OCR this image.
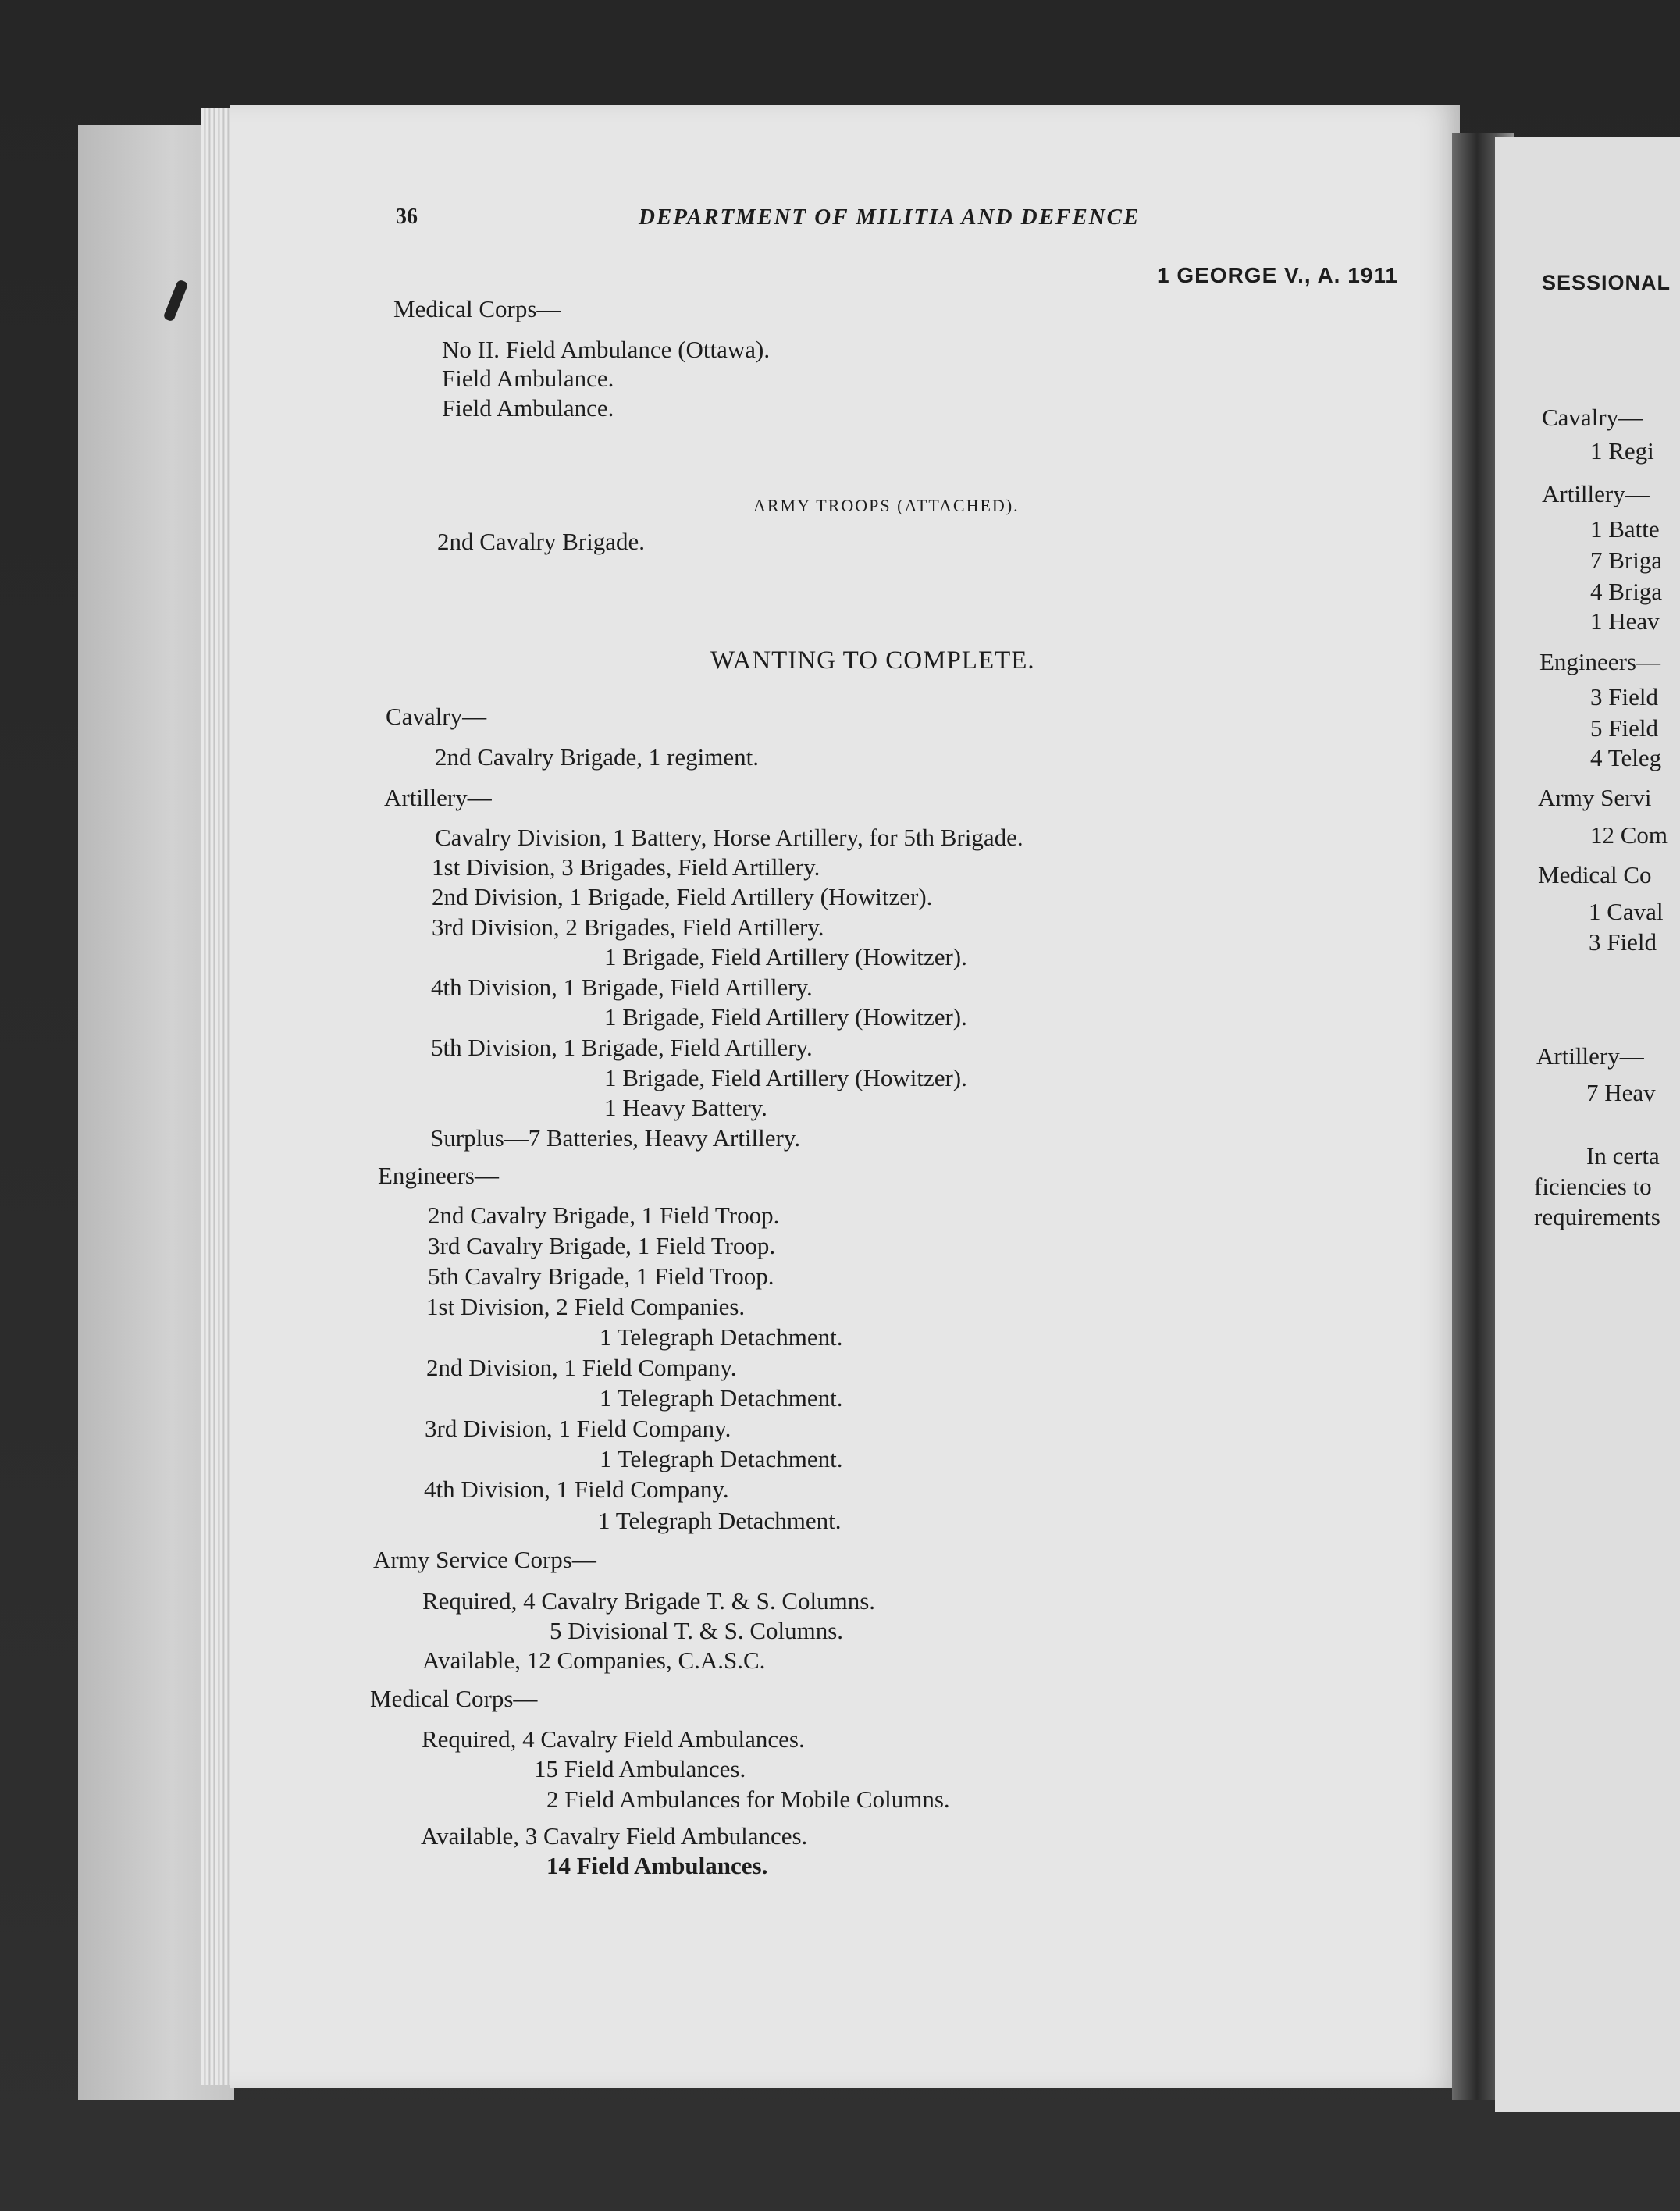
36	DEPARTMENT OF MILITIA AND DEFENCE
1 GEORGE V., A. 1911
Medical Corps—
No II. Field Ambulance (Ottawa).
Field Ambulance.
Field Ambulance.
ARMY TROOPS (ATTACHED).
2nd Cavalry Brigade.
WANTING TO COMPLETE.
Cavalry—
2nd Cavalry Brigade, 1 regiment.
Artillery—
Cavalry Division, 1 Battery, Horse Artillery, for 5th Brigade.
1st Division, 3 Brigades, Field Artillery.
2nd Division, 1 Brigade, Field Artillery (Howitzer).
3rd Division, 2 Brigades, Field Artillery.
1 Brigade, Field Artillery (Howitzer).
4th Division, 1 Brigade, Field Artillery.
1 Brigade, Field Artillery (Howitzer).
5th Division, 1 Brigade, Field Artillery.
1 Brigade, Field Artillery (Howitzer).
1 Heavy Battery.
Surplus—7 Batteries, Heavy Artillery.
Engineers—
2nd Cavalry Brigade, 1 Field Troop.
3rd Cavalry Brigade, 1 Field Troop.
5th Cavalry Brigade, 1 Field Troop.
1st Division, 2 Field Companies.
1 Telegraph Detachment.
2nd Division, 1 Field Company.
1 Telegraph Detachment.
3rd Division, 1 Field Company.
1 Telegraph Detachment.
4th Division, 1 Field Company.
1 Telegraph Detachment.
Army Service Corps—
Required, 4 Cavalry Brigade T. & S. Columns.
5 Divisional T. & S. Columns.
Available, 12 Companies, C.A.S.C.
Medical Corps—
Required, 4 Cavalry Field Ambulances.
15 Field Ambulances.
2 Field Ambulances for Mobile Columns.
Available, 3 Cavalry Field Ambulances.
14 Field Ambulances.
SESSIONAL
Cavalry—
1 Regi
Artillery—
1 Batte
7 Briga
4 Briga
1 Heav
Engineers—
3 Field
5 Field
4 Teleg
Army Servi
12 Com
Medical Co
1 Caval
3 Field
Artillery—
7 Heav
In certa
ficiencies to
requirements
